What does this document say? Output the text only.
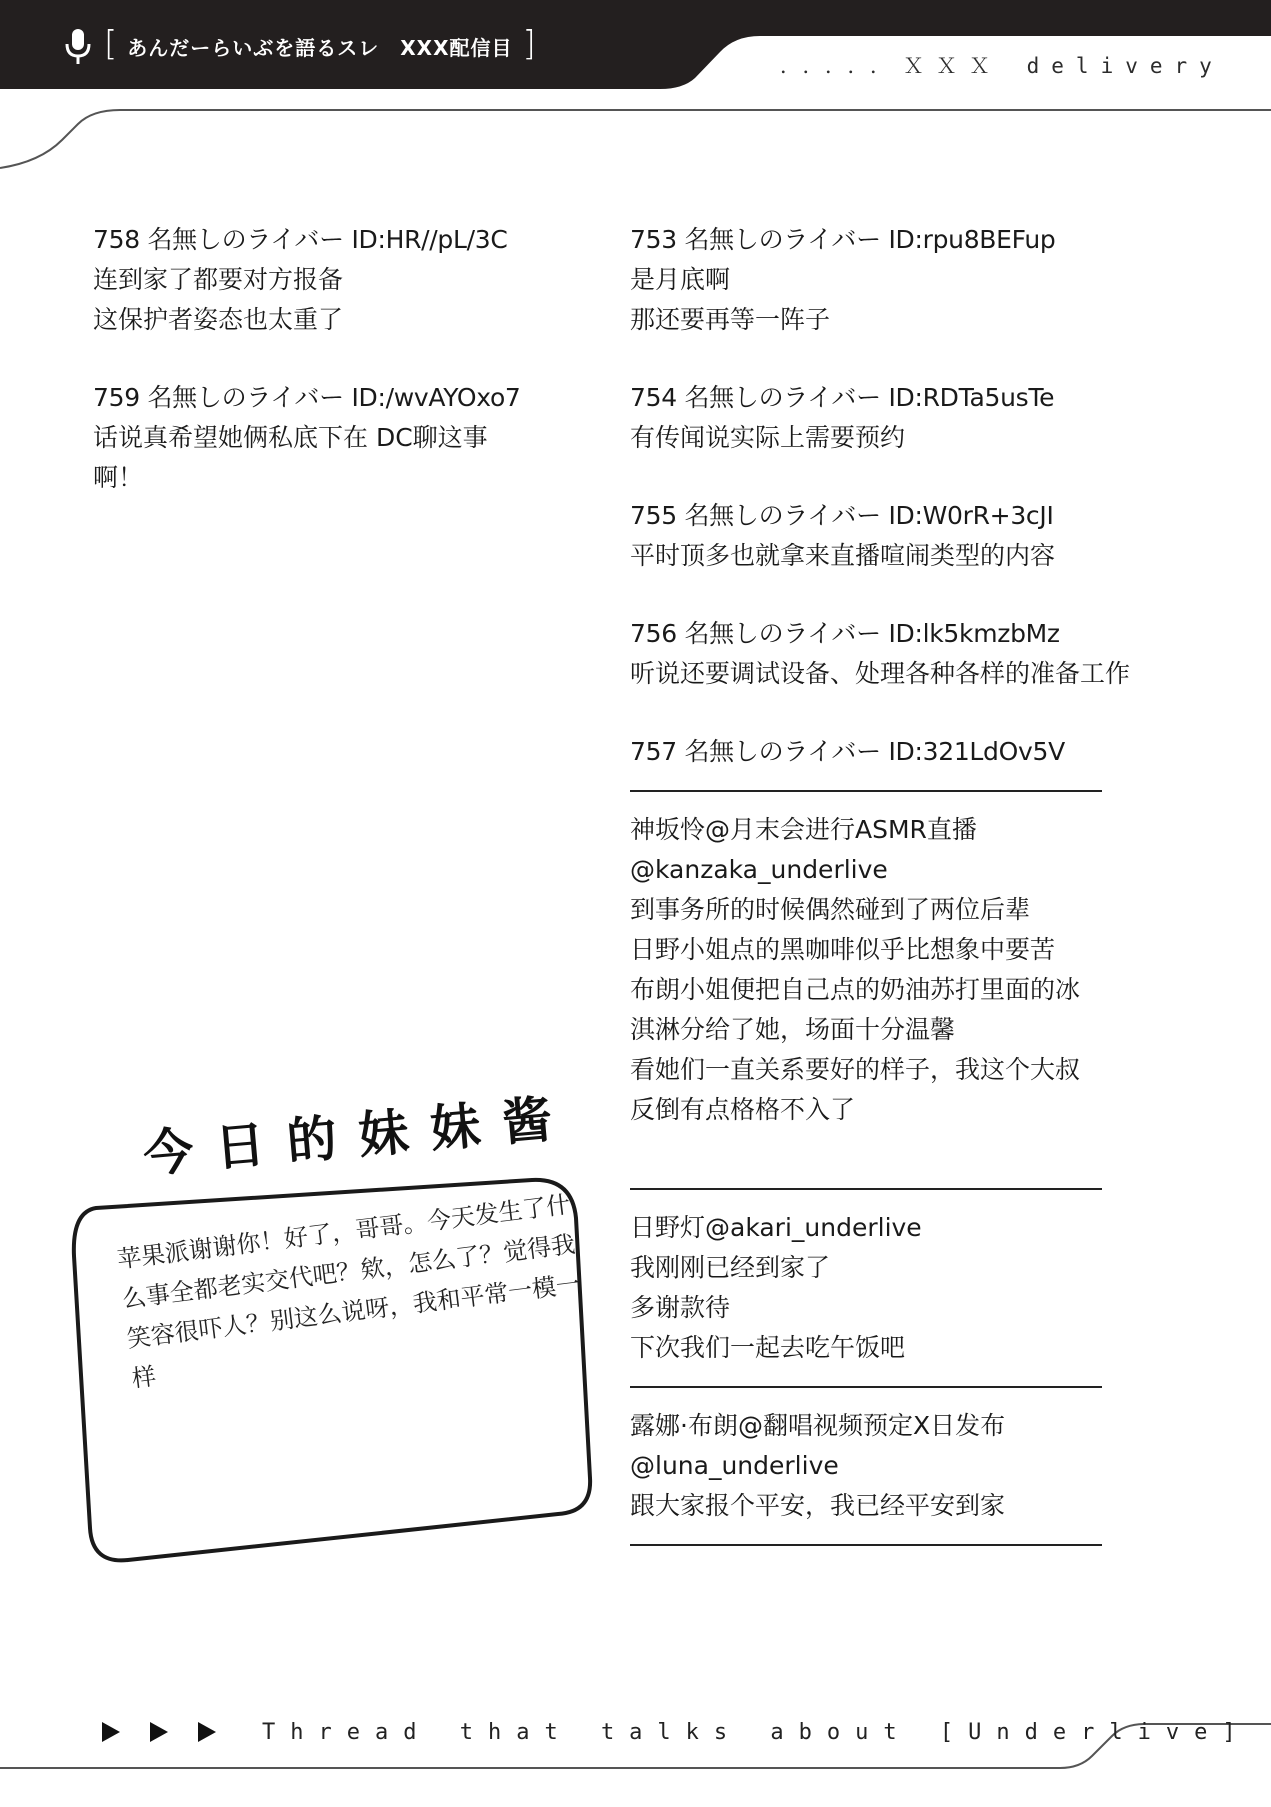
[ あんだーらいぶを語るスレ　XXX配信目 ]
．．．．．ＸＸＸ delivery
758 名無しのライバー ID:HR//pL/3C
连到家了都要对方报备
这保护者姿态也太重了
759 名無しのライバー ID:/wvAYOxo7
话说真希望她俩私底下在 DC聊这事
啊！
753 名無しのライバー ID:rpu8BEFup
是月底啊
那还要再等一阵子
754 名無しのライバー ID:RDTa5usTe
有传闻说实际上需要预约
755 名無しのライバー ID:W0rR+3cJI
平时顶多也就拿来直播喧闹类型的内容
756 名無しのライバー ID:lk5kmzbMz
听说还要调试设备、处理各种各样的准备工作
757 名無しのライバー ID:321LdOv5V
神坂怜@月末会进行ASMR直播
@kanzaka_underlive
到事务所的时候偶然碰到了两位后辈
日野小姐点的黑咖啡似乎比想象中要苦
布朗小姐便把自己点的奶油苏打里面的冰
淇淋分给了她，场面十分温馨
看她们一直关系要好的样子，我这个大叔
反倒有点格格不入了
日野灯@akari_underlive
我刚刚已经到家了
多谢款待
下次我们一起去吃午饭吧
露娜·布朗@翻唱视频预定X日发布
@luna_underlive
跟大家报个平安，我已经平安到家
今日的妹妹酱
苹果派谢谢你！好了，哥哥。今天发生了什么事全都老实交代吧？欸，怎么了？觉得我笑容很吓人？别这么说呀，我和平常一模一样
Thread that talks about [Underlive]
